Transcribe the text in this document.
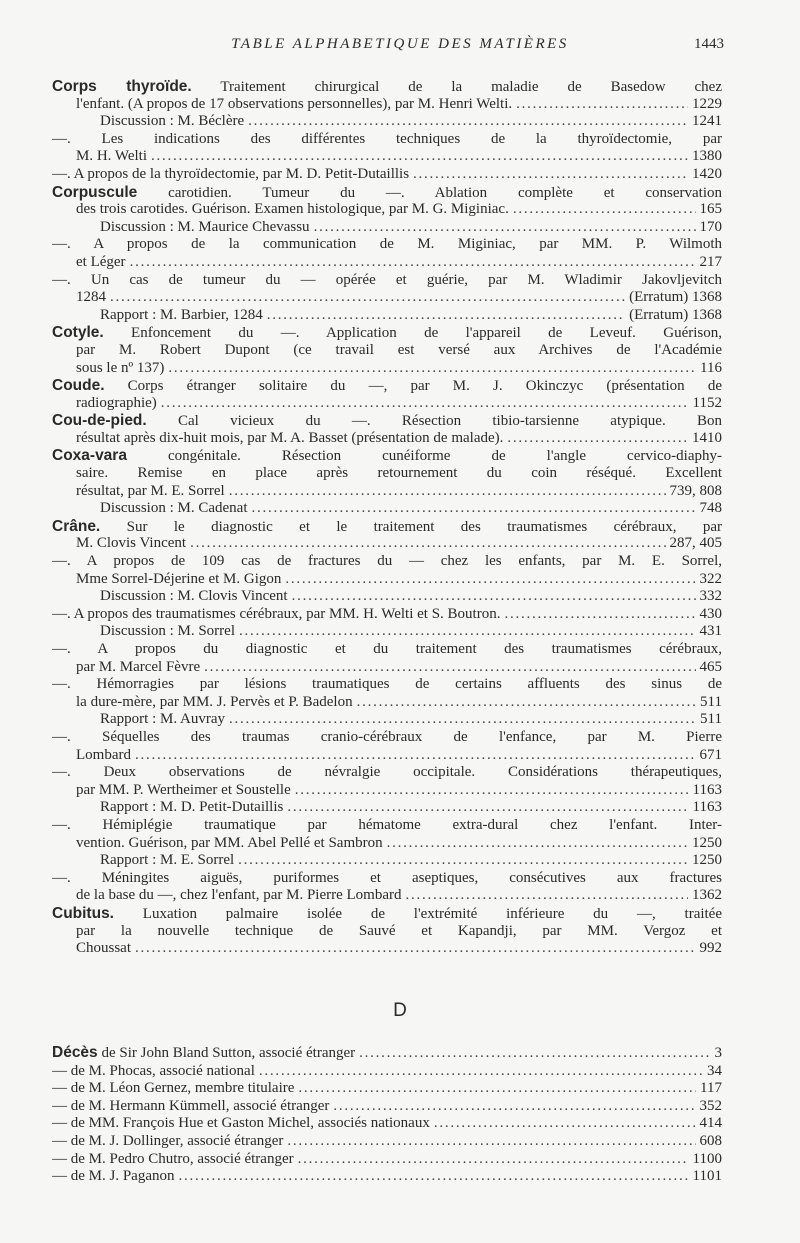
TABLE ALPHABETIQUE DES MATIÈRES	1443
Corps thyroïde. Traitement chirurgical de la maladie de Basedow chez
l'enfant. (A propos de 17 observations personnelles), par M. Henri Welti. . . .	1229
Discussion : M. Béclère . . .	1241
—. Les indications des différentes techniques de la thyroïdectomie, par
M. H. Welti . . .	1380
—. A propos de la thyroïdectomie, par M. D. Petit-Dutaillis . . .	1420
Corpuscule carotidien. Tumeur du —. Ablation complète et conservation
des trois carotides. Guérison. Examen histologique, par M. G. Miginiac. . . .	165
Discussion : M. Maurice Chevassu . . .	170
—. A propos de la communication de M. Miginiac, par MM. P. Wilmoth
et Léger . . .	217
—. Un cas de tumeur du — opérée et guérie, par M. Wladimir Jakovljevitch
1284 . . .	(Erratum) 1368
Rapport : M. Barbier, 1284 . . .	(Erratum) 1368
Cotyle. Enfoncement du —. Application de l'appareil de Leveuf. Guérison,
par M. Robert Dupont (ce travail est versé aux Archives de l'Académie
sous le nº 137) . . .	116
Coude. Corps étranger solitaire du —, par M. J. Okinczyc (présentation de
radiographie) . . .	1152
Cou-de-pied. Cal vicieux du —. Résection tibio-tarsienne atypique. Bon
résultat après dix-huit mois, par M. A. Basset (présentation de malade). . . .	1410
Coxa-vara congénitale. Résection cunéiforme de l'angle cervico-diaphy-
saire. Remise en place après retournement du coin réséqué. Excellent
résultat, par M. E. Sorrel . . .	739, 808
Discussion : M. Cadenat . . .	748
Crâne. Sur le diagnostic et le traitement des traumatismes cérébraux, par
M. Clovis Vincent . . .	287, 405
—. A propos de 109 cas de fractures du — chez les enfants, par M. E. Sorrel,
Mme Sorrel-Déjerine et M. Gigon . . .	322
Discussion : M. Clovis Vincent . . .	332
—. A propos des traumatismes cérébraux, par MM. H. Welti et S. Boutron. . . .	430
Discussion : M. Sorrel . . .	431
—. A propos du diagnostic et du traitement des traumatismes cérébraux,
par M. Marcel Fèvre . . .	465
—. Hémorragies par lésions traumatiques de certains affluents des sinus de
la dure-mère, par MM. J. Pervès et P. Badelon . . .	511
Rapport : M. Auvray . . .	511
—. Séquelles des traumas cranio-cérébraux de l'enfance, par M. Pierre
Lombard . . .	671
—. Deux observations de névralgie occipitale. Considérations thérapeutiques,
par MM. P. Wertheimer et Soustelle . . .	1163
Rapport : M. D. Petit-Dutaillis . . .	1163
—. Hémiplégie traumatique par hématome extra-dural chez l'enfant. Inter-
vention. Guérison, par MM. Abel Pellé et Sambron . . .	1250
Rapport : M. E. Sorrel . . .	1250
—. Méningites aiguës, puriformes et aseptiques, consécutives aux fractures
de la base du —, chez l'enfant, par M. Pierre Lombard . . .	1362
Cubitus. Luxation palmaire isolée de l'extrémité inférieure du —, traitée
par la nouvelle technique de Sauvé et Kapandji, par MM. Vergoz et
Choussat . . .	992
D
Décès de Sir John Bland Sutton, associé étranger . . .	3
— de M. Phocas, associé national . . .	34
— de M. Léon Gernez, membre titulaire . . .	117
— de M. Hermann Kümmell, associé étranger . . .	352
— de MM. François Hue et Gaston Michel, associés nationaux . . .	414
— de M. J. Dollinger, associé étranger . . .	608
— de M. Pedro Chutro, associé étranger . . .	1100
— de M. J. Paganon . . .	1101
